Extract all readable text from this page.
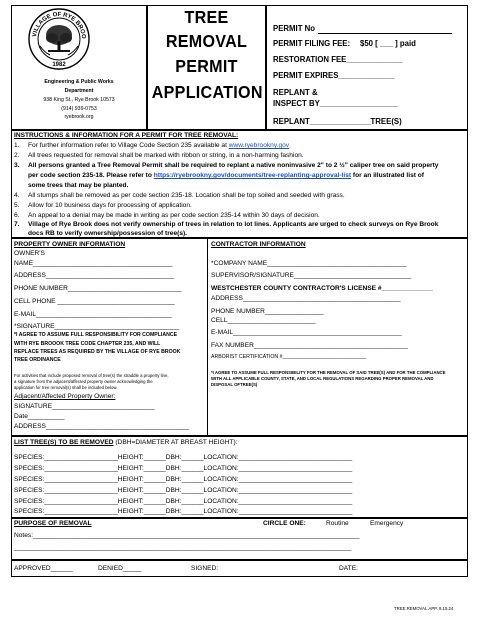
VILLAGE OF RYE BROO
1982
Engineering & Public Works
Department
938 King St., Rye Brook 10573
(914) 939-0753
ryebrook.org
TREE
REMOVAL
PERMIT
APPLICATION
PERMIT No
PERMIT FILING FEE: $50 [ ___ ] paid
RESTORATION FEE_____________
PERMIT EXPIRES_____________
REPLANT &
INSPECT BY__________________
REPLANT______________TREE(S)
INSTRUCTIONS & INFORMATION FOR A PERMIT FOR TREE REMOVAL:
1. For further information refer to Village Code Section 235 available at www.ryebrookny.gov
2. All trees requested for removal shall be marked with ribbon or string, in a non-harming fashion.
3. All persons granted a Tree Removal Permit shall be required to replant a native noninvasive 2" to 2 ½" caliper tree on said property
per code section 235-18. Please refer to https://ryebrookny.gov/documents/tree-replanting-approval-list for an illustrated list of
some trees that may be planted.
4. All stumps shall be removed as per code section 235-18. Location shall be top soiled and seeded with grass.
5. Allow for 10 business days for processing of application.
6. An appeal to a denial may be made in writing as per code section 235-14 within 30 days of decision.
7. Village of Rye Brook does not verify ownership of trees in relation to lot lines. Applicants are urged to check surveys on Rye Brook
docs RB to verify ownership/possession of tree(s).
PROPERTY OWNER INFORMATION
OWNER'S
NAME______________________________________
ADDRESS___________________________________
PHONE NUMBER_______________________________
CELL PHONE ________________________________
E-MAIL_____________________________________
*SIGNATURE__________________________________
*I AGREE TO ASSUME FULL RESPONSIBILITY FOR COMPLIANCE
WITH RYE BROOOK TREE CODE CHAPTER 235, AND WILL
REPLACE TREES AS REQUIRED BY THE VILLAGE OF RYE BROOK
TREE ORDINANCE
For activities that include proposed removal of tree(s) the straddle a property line,
a signature from the adjacent/affected property owner acknowledging the
application for tree removal(s) shall be included below.
Adjacent/Affected Property Owner:
SIGNATURE____________________________
Date__________
ADDRESS_______________________________________
CONTRACTOR INFORMATION
*COMPANY NAME______________________________________
SUPERVISOR/SIGNATURE________________________________
WESTCHESTER COUNTY CONTRACTOR'S LICENSE #______________
ADDRESS___________________________________________
PHONE NUMBER________________
CELL________________________
E-MAIL______________________________________________
FAX NUMBER__________________________________________
ARBORIST CERTIFICATION #_____________________________
*I AGREE TO ASSUME FULL RESPONSIBILITY FOR THE REMOVAL OF SAID TREE(S) AND FOR THE COMPLIANCE
WITH ALL APPLICABLE COUNTY, STATE, AND LOCAL REGULATIONS REGARDING PROPER REMOVAL AND
DISPOSAL OFTREE(S)
LIST TREE(S) TO BE REMOVED (DBH=DIAMETER AT BREAST HEIGHT):
SPECIES:____________________HEIGHT:______DBH:______LOCATION:_______________________________
SPECIES:____________________HEIGHT:______DBH:______LOCATION:_______________________________
SPECIES:____________________HEIGHT:______DBH:______LOCATION:_______________________________
SPECIES:____________________HEIGHT:______DBH:______LOCATION:_______________________________
SPECIES:____________________HEIGHT:______DBH:______LOCATION:_______________________________
SPECIES:____________________HEIGHT:______DBH:______LOCATION:_______________________________
PURPOSE OF REMOVAL	CIRCLE ONE:	Routine	Emergency
Notes:_________________________________________________________________________________________
____________________________________________________________________________________________
APPROVED______	DENIED_____	SIGNED:	DATE:
TREE.REMOVAL.APP. 8.15.24
